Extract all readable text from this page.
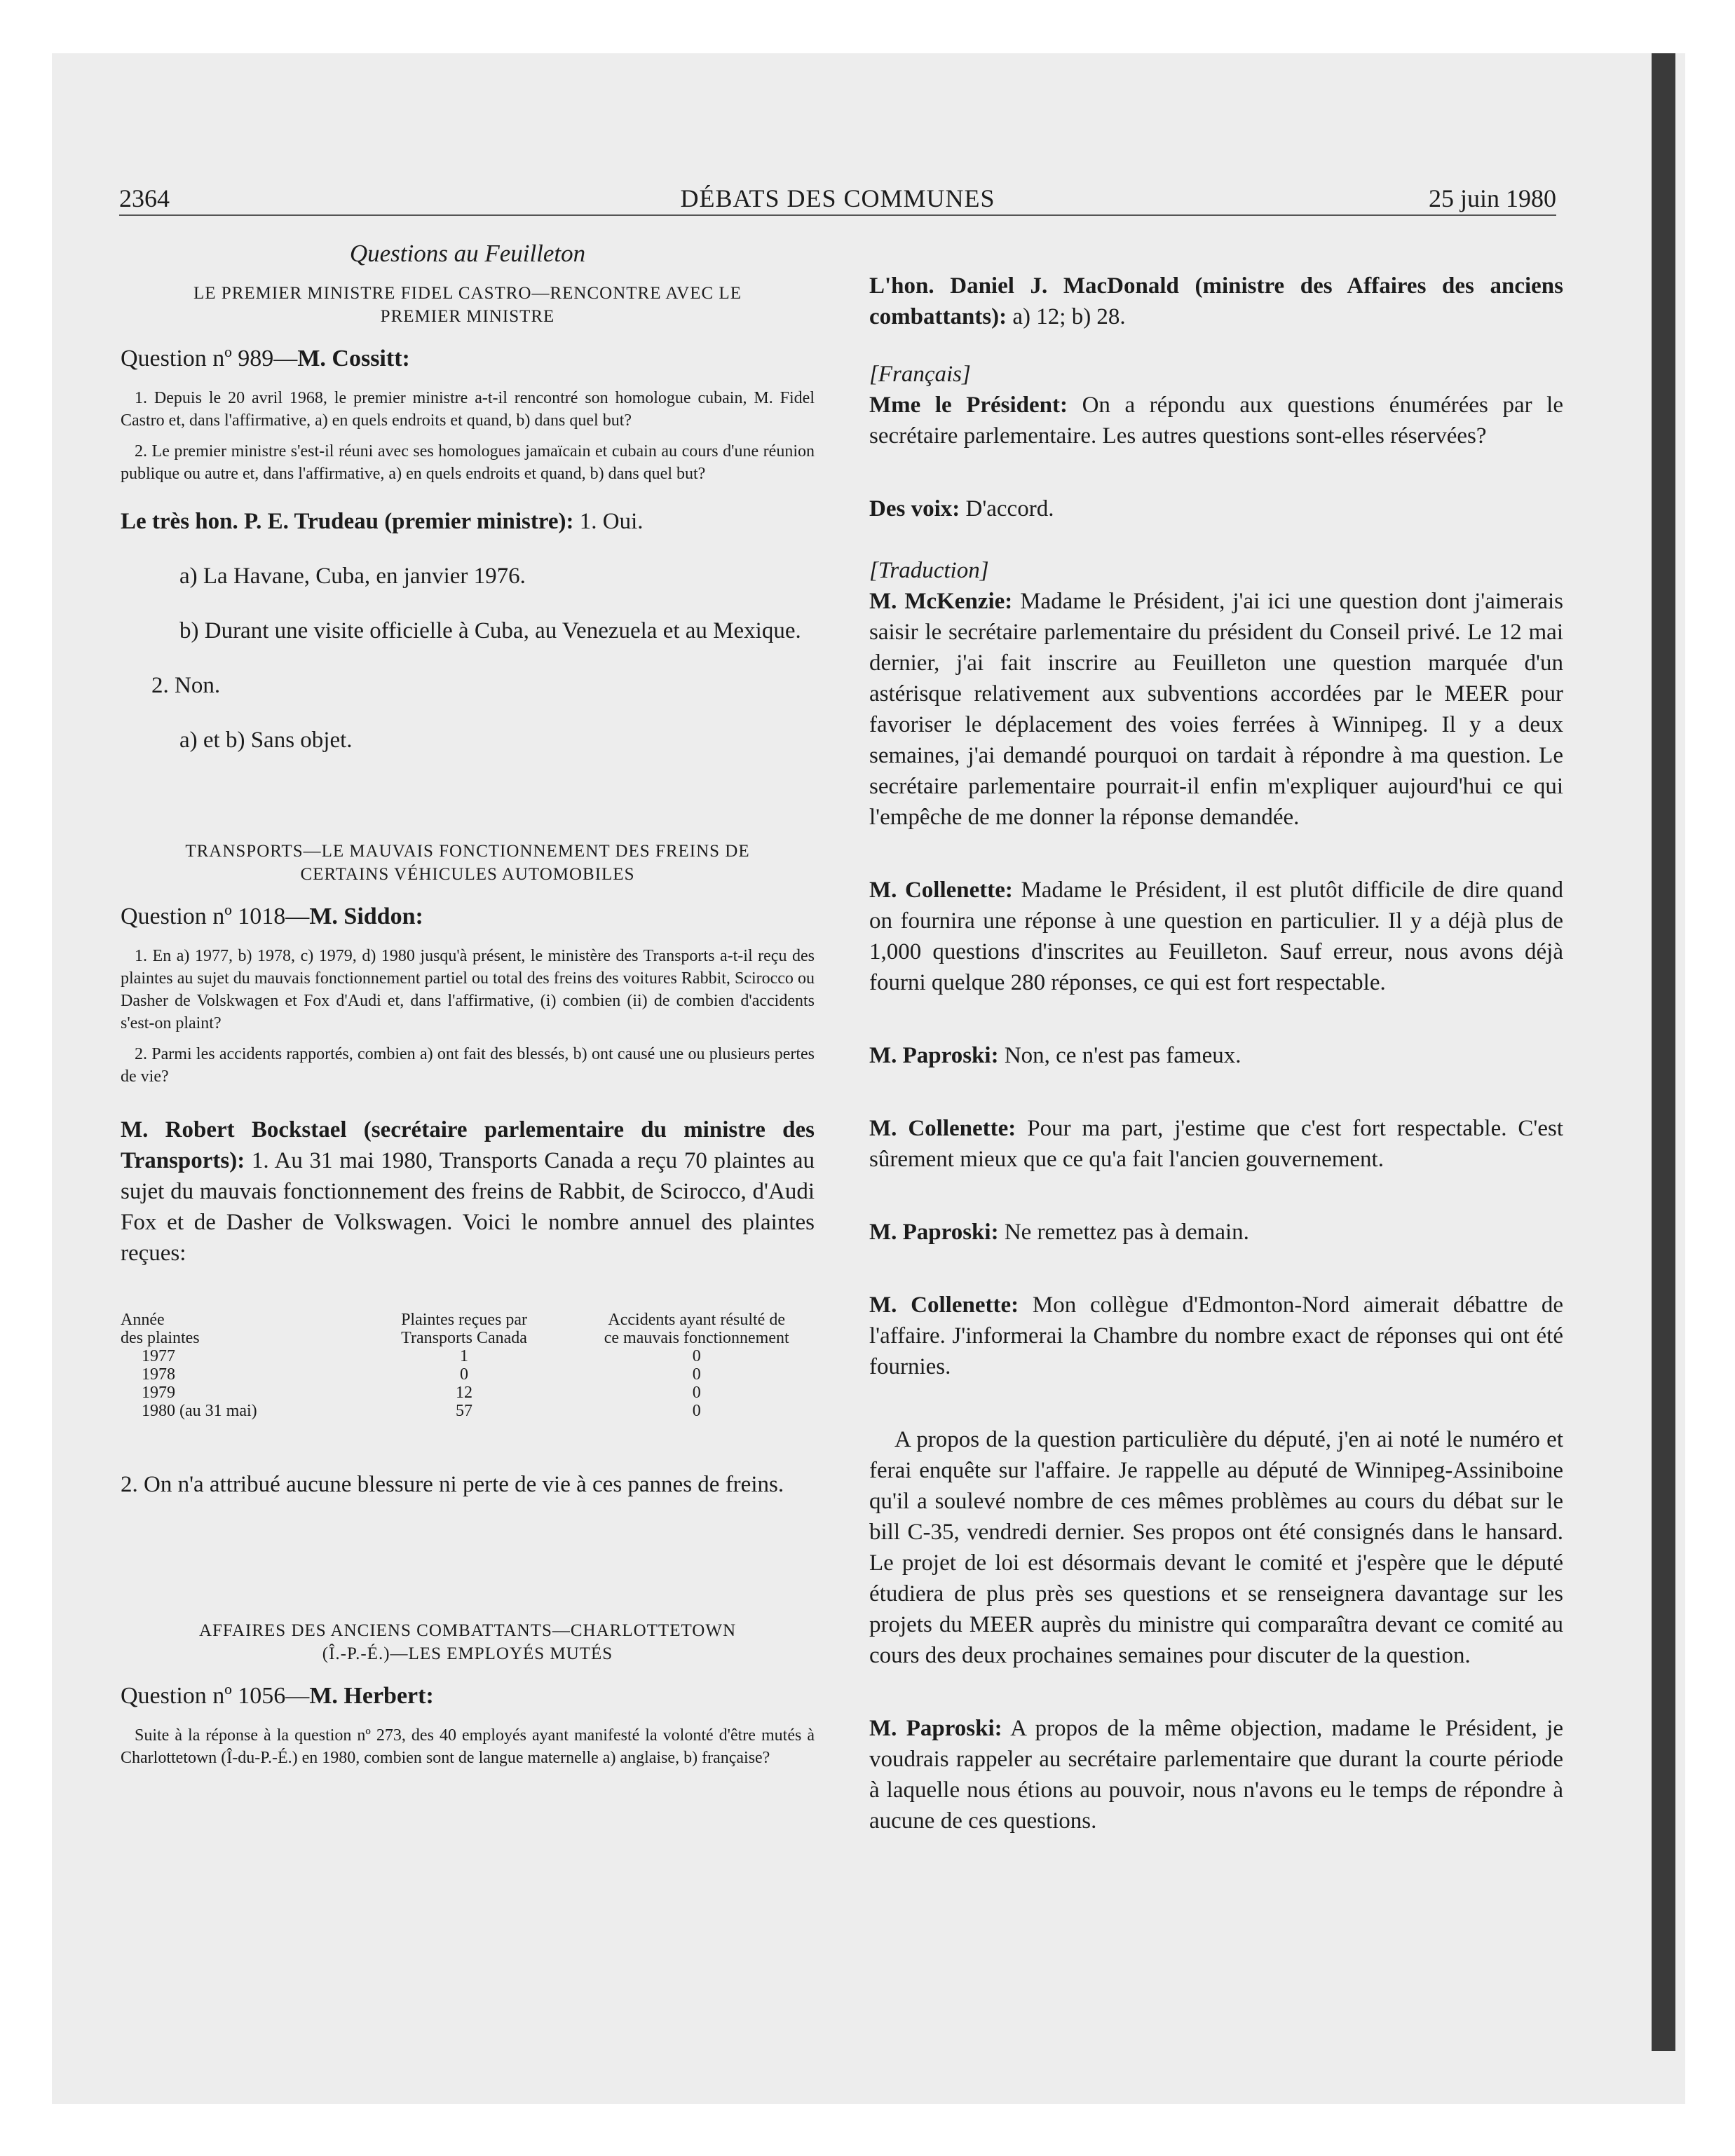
DÉBATS DES COMMUNES
2364	25 juin 1980
Questions au Feuilleton
LE PREMIER MINISTRE FIDEL CASTRO—RENCONTRE AVEC LE
PREMIER MINISTRE
Question nº 989—M. Cossitt:

1. Depuis le 20 avril 1968, le premier ministre a-t-il rencontré son homologue cubain, M. Fidel Castro et, dans l'affirmative, a) en quels endroits et quand, b) dans quel but?

2. Le premier ministre s'est-il réuni avec ses homologues jamaïcain et cubain au cours d'une réunion publique ou autre et, dans l'affirmative, a) en quels endroits et quand, b) dans quel but?

Le très hon. P. E. Trudeau (premier ministre): 1. Oui.

a) La Havane, Cuba, en janvier 1976.

b) Durant une visite officielle à Cuba, au Venezuela et au Mexique.

2. Non.

a) et b) Sans objet.

TRANSPORTS—LE MAUVAIS FONCTIONNEMENT DES FREINS DE
CERTAINS VÉHICULES AUTOMOBILES
Question nº 1018—M. Siddon:

1. En a) 1977, b) 1978, c) 1979, d) 1980 jusqu'à présent, le ministère des Transports a-t-il reçu des plaintes au sujet du mauvais fonctionnement partiel ou total des freins des voitures Rabbit, Scirocco ou Dasher de Volskwagen et Fox d'Audi et, dans l'affirmative, (i) combien (ii) de combien d'accidents s'est-on plaint?

2. Parmi les accidents rapportés, combien a) ont fait des blessés, b) ont causé une ou plusieurs pertes de vie?

M. Robert Bockstael (secrétaire parlementaire du ministre des Transports): 1. Au 31 mai 1980, Transports Canada a reçu 70 plaintes au sujet du mauvais fonctionnement des freins de Rabbit, de Scirocco, d'Audi Fox et de Dasher de Volkswagen. Voici le nombre annuel des plaintes reçues:

Année	Plaintes reçues par	Accidents ayant résulté de
des plaintes	Transports Canada	ce mauvais fonctionnement
1977	1	0
1978	0	0
1979	12	0
1980 (au 31 mai)	57	0

2. On n'a attribué aucune blessure ni perte de vie à ces pannes de freins.

AFFAIRES DES ANCIENS COMBATTANTS—CHARLOTTETOWN
(Î.-P.-É.)—LES EMPLOYÉS MUTÉS
Question nº 1056—M. Herbert:

Suite à la réponse à la question nº 273, des 40 employés ayant manifesté la volonté d'être mutés à Charlottetown (Î-du-P.-É.) en 1980, combien sont de langue maternelle a) anglaise, b) française?

L'hon. Daniel J. MacDonald (ministre des Affaires des anciens combattants): a) 12; b) 28.

[Français]

Mme le Président: On a répondu aux questions énumérées par le secrétaire parlementaire. Les autres questions sont-elles réservées?

Des voix: D'accord.

[Traduction]

M. McKenzie: Madame le Président, j'ai ici une question dont j'aimerais saisir le secrétaire parlementaire du président du Conseil privé. Le 12 mai dernier, j'ai fait inscrire au Feuilleton une question marquée d'un astérisque relativement aux subventions accordées par le MEER pour favoriser le déplacement des voies ferrées à Winnipeg. Il y a deux semaines, j'ai demandé pourquoi on tardait à répondre à ma question. Le secrétaire parlementaire pourrait-il enfin m'expliquer aujourd'hui ce qui l'empêche de me donner la réponse demandée.

M. Collenette: Madame le Président, il est plutôt difficile de dire quand on fournira une réponse à une question en particulier. Il y a déjà plus de 1,000 questions d'inscrites au Feuilleton. Sauf erreur, nous avons déjà fourni quelque 280 réponses, ce qui est fort respectable.

M. Paproski: Non, ce n'est pas fameux.

M. Collenette: Pour ma part, j'estime que c'est fort respectable. C'est sûrement mieux que ce qu'a fait l'ancien gouvernement.

M. Paproski: Ne remettez pas à demain.

M. Collenette: Mon collègue d'Edmonton-Nord aimerait débattre de l'affaire. J'informerai la Chambre du nombre exact de réponses qui ont été fournies.

A propos de la question particulière du député, j'en ai noté le numéro et ferai enquête sur l'affaire. Je rappelle au député de Winnipeg-Assiniboine qu'il a soulevé nombre de ces mêmes problèmes au cours du débat sur le bill C-35, vendredi dernier. Ses propos ont été consignés dans le hansard. Le projet de loi est désormais devant le comité et j'espère que le député étudiera de plus près ses questions et se renseignera davantage sur les projets du MEER auprès du ministre qui comparaîtra devant ce comité au cours des deux prochaines semaines pour discuter de la question.

M. Paproski: A propos de la même objection, madame le Président, je voudrais rappeler au secrétaire parlementaire que durant la courte période à laquelle nous étions au pouvoir, nous n'avons eu le temps de répondre à aucune de ces questions.
